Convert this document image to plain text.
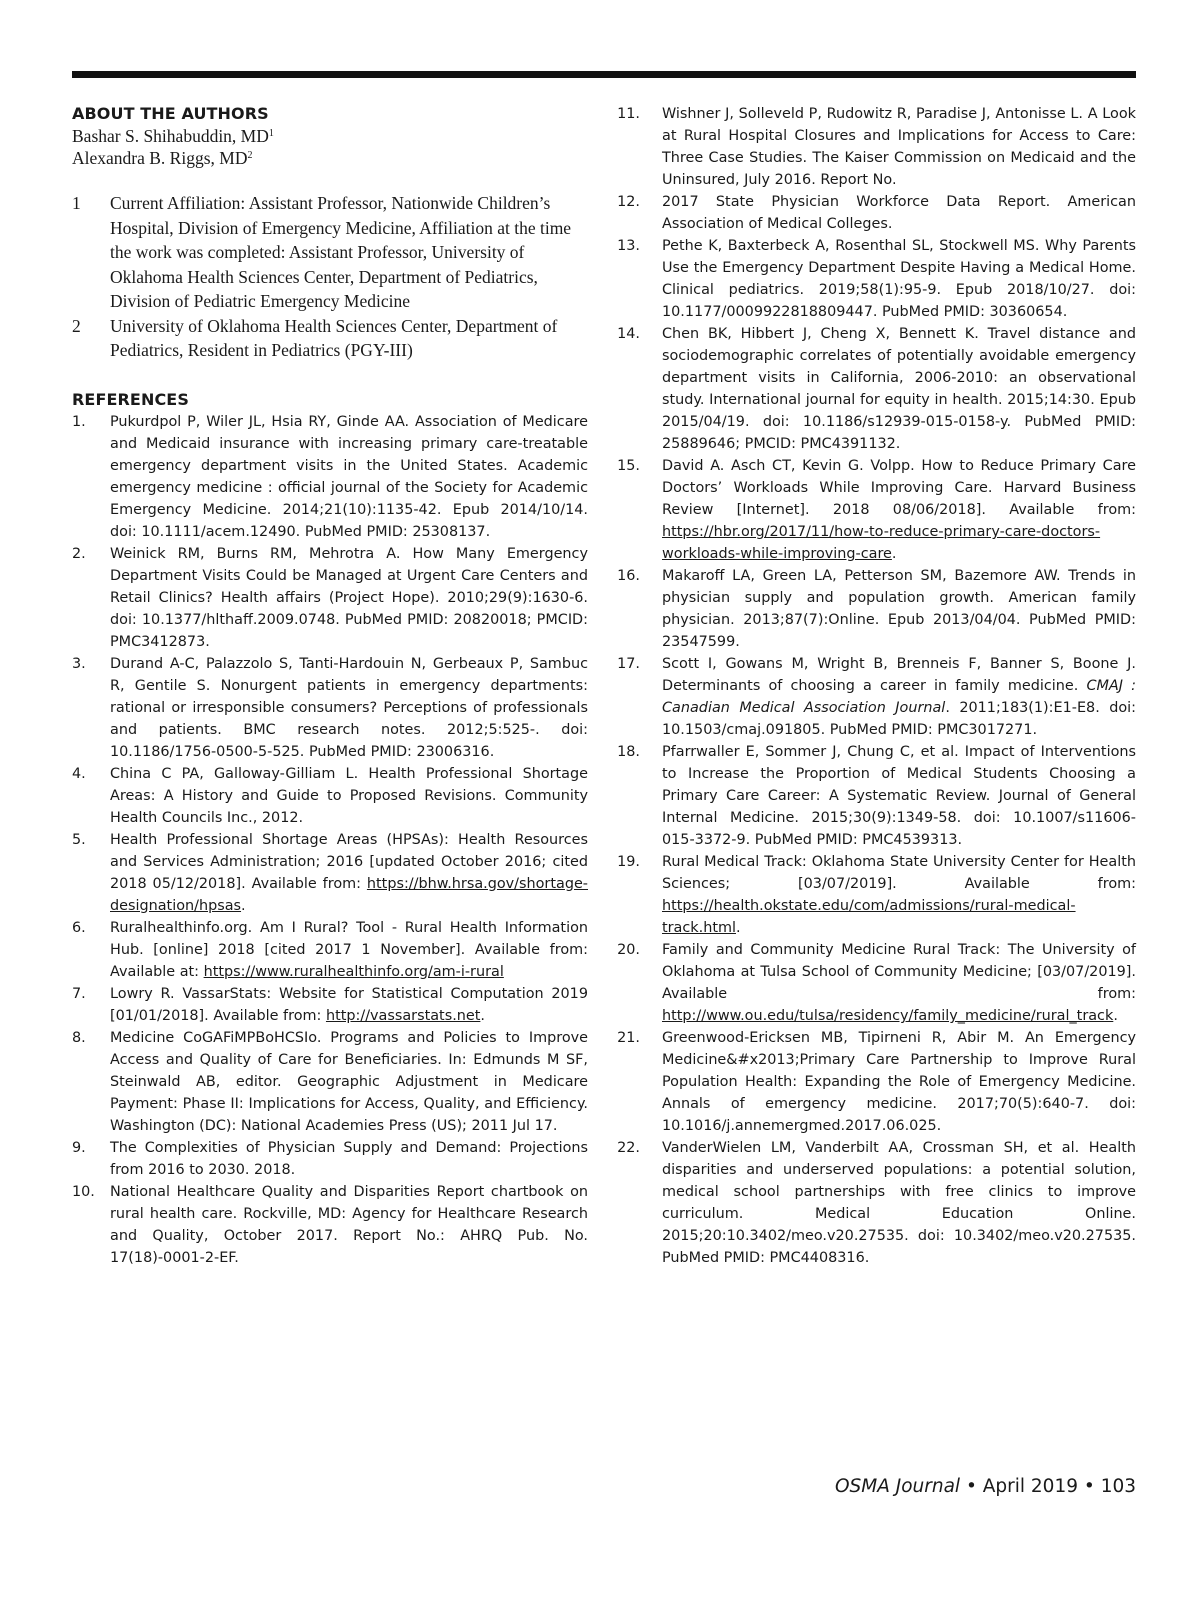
ABOUT THE AUTHORS

Bashar S. Shihabuddin, $MD^1$

Alexandra B. Riggs, $MD^2$

1 Current Affiliation: Assistant Professor, Nationwide Children’s Hospital, Division of Emergency Medicine, Affiliation at the time the work was completed: Assistant Professor, University of Oklahoma Health Sciences Center, Department of Pediatrics, Division of Pediatric Emergency Medicine
2 University of Oklahoma Health Sciences Center, Department of Pediatrics, Resident in Pediatrics (PGY-III)
REFERENCES
1. Pukurdpol P, Wiler JL, Hsia RY, Ginde AA. Association of Medicare and Medicaid insurance with increasing primary care-treatable emergency department visits in the United States. Academic emergency medicine : official journal of the Society for Academic Emergency Medicine. 2014;21(10):1135-42. Epub 2014/10/14. doi: 10.1111/acem.12490. PubMed PMID: 25308137.
2. Weinick RM, Burns RM, Mehrotra A. How Many Emergency Department Visits Could be Managed at Urgent Care Centers and Retail Clinics? Health affairs (Project Hope). 2010;29(9):1630-6. doi: 10.1377/hlthaff.2009.0748. PubMed PMID: 20820018; PMCID: PMC3412873.
3. Durand A-C, Palazzolo S, Tanti-Hardouin N, Gerbeaux P, Sambuc R, Gentile S. Nonurgent patients in emergency departments: rational or irresponsible consumers? Perceptions of professionals and patients. BMC research notes. 2012;5:525-. doi: 10.1186/1756-0500-5-525. PubMed PMID: 23006316.
4. China C PA, Galloway-Gilliam L. Health Professional Shortage Areas: A History and Guide to Proposed Revisions. Community Health Councils Inc., 2012.
5. Health Professional Shortage Areas (HPSAs): Health Resources and Services Administration; 2016 [updated October 2016; cited 2018 05/12/2018]. Available from: https://bhw.hrsa.gov/shortage-designation/hpsas.
6. Ruralhealthinfo.org. Am I Rural? Tool - Rural Health Information Hub. [online] 2018 [cited 2017 1 November]. Available from: Available at: https://www.ruralhealthinfo.org/am-i-rural
7. Lowry R. VassarStats: Website for Statistical Computation 2019 [01/01/2018]. Available from: http://vassarstats.net.
8. Medicine CoGAFiMPBoHCSIo. Programs and Policies to Improve Access and Quality of Care for Beneficiaries. In: Edmunds M SF, Steinwald AB, editor. Geographic Adjustment in Medicare Payment: Phase II: Implications for Access, Quality, and Efficiency. Washington (DC): National Academies Press (US); 2011 Jul 17.
9. The Complexities of Physician Supply and Demand: Projections from 2016 to 2030. 2018.
10. National Healthcare Quality and Disparities Report chartbook on rural health care. Rockville, MD: Agency for Healthcare Research and Quality, October 2017. Report No.: AHRQ Pub. No. 17(18)-0001-2-EF.
11. Wishner J, Solleveld P, Rudowitz R, Paradise J, Antonisse L. A Look at Rural Hospital Closures and Implications for Access to Care: Three Case Studies. The Kaiser Commission on Medicaid and the Uninsured, July 2016. Report No.
12. 2017 State Physician Workforce Data Report. American Association of Medical Colleges.
13. Pethe K, Baxterbeck A, Rosenthal SL, Stockwell MS. Why Parents Use the Emergency Department Despite Having a Medical Home. Clinical pediatrics. 2019;58(1):95-9. Epub 2018/10/27. doi: 10.1177/0009922818809447. PubMed PMID: 30360654.
14. Chen BK, Hibbert J, Cheng X, Bennett K. Travel distance and sociodemographic correlates of potentially avoidable emergency department visits in California, 2006-2010: an observational study. International journal for equity in health. 2015;14:30. Epub 2015/04/19. doi: 10.1186/s12939-015-0158-y. PubMed PMID: 25889646; PMCID: PMC4391132.
15. David A. Asch CT, Kevin G. Volpp. How to Reduce Primary Care Doctors’ Workloads While Improving Care. Harvard Business Review [Internet]. 2018 08/06/2018]. Available from: https://hbr.org/2017/11/how-to-reduce-primary-care-doctors-workloads-while-improving-care.
16. Makaroff LA, Green LA, Petterson SM, Bazemore AW. Trends in physician supply and population growth. American family physician. 2013;87(7):Online. Epub 2013/04/04. PubMed PMID: 23547599.
17. Scott I, Gowans M, Wright B, Brenneis F, Banner S, Boone J. Determinants of choosing a career in family medicine. CMAJ : Canadian Medical Association Journal. 2011;183(1):E1-E8. doi: 10.1503/cmaj.091805. PubMed PMID: PMC3017271.
18. Pfarrwaller E, Sommer J, Chung C, et al. Impact of Interventions to Increase the Proportion of Medical Students Choosing a Primary Care Career: A Systematic Review. Journal of General Internal Medicine. 2015;30(9):1349-58. doi: 10.1007/s11606-015-3372-9. PubMed PMID: PMC4539313.
19. Rural Medical Track: Oklahoma State University Center for Health Sciences; [03/07/2019]. Available from: https://health.okstate.edu/com/admissions/rural-medical-track.html.
20. Family and Community Medicine Rural Track: The University of Oklahoma at Tulsa School of Community Medicine; [03/07/2019]. Available from: http://www.ou.edu/tulsa/residency/family_medicine/rural_track.
21. Greenwood-Ericksen MB, Tipirneni R, Abir M. An Emergency Medicine&#x2013;Primary Care Partnership to Improve Rural Population Health: Expanding the Role of Emergency Medicine. Annals of emergency medicine. 2017;70(5):640-7. doi: 10.1016/j.annemergmed.2017.06.025.
22. VanderWielen LM, Vanderbilt AA, Crossman SH, et al. Health disparities and underserved populations: a potential solution, medical school partnerships with free clinics to improve curriculum. Medical Education Online. 2015;20:10.3402/meo.v20.27535. doi: 10.3402/meo.v20.27535. PubMed PMID: PMC4408316.
OSMA Journal • April 2019 • 103
